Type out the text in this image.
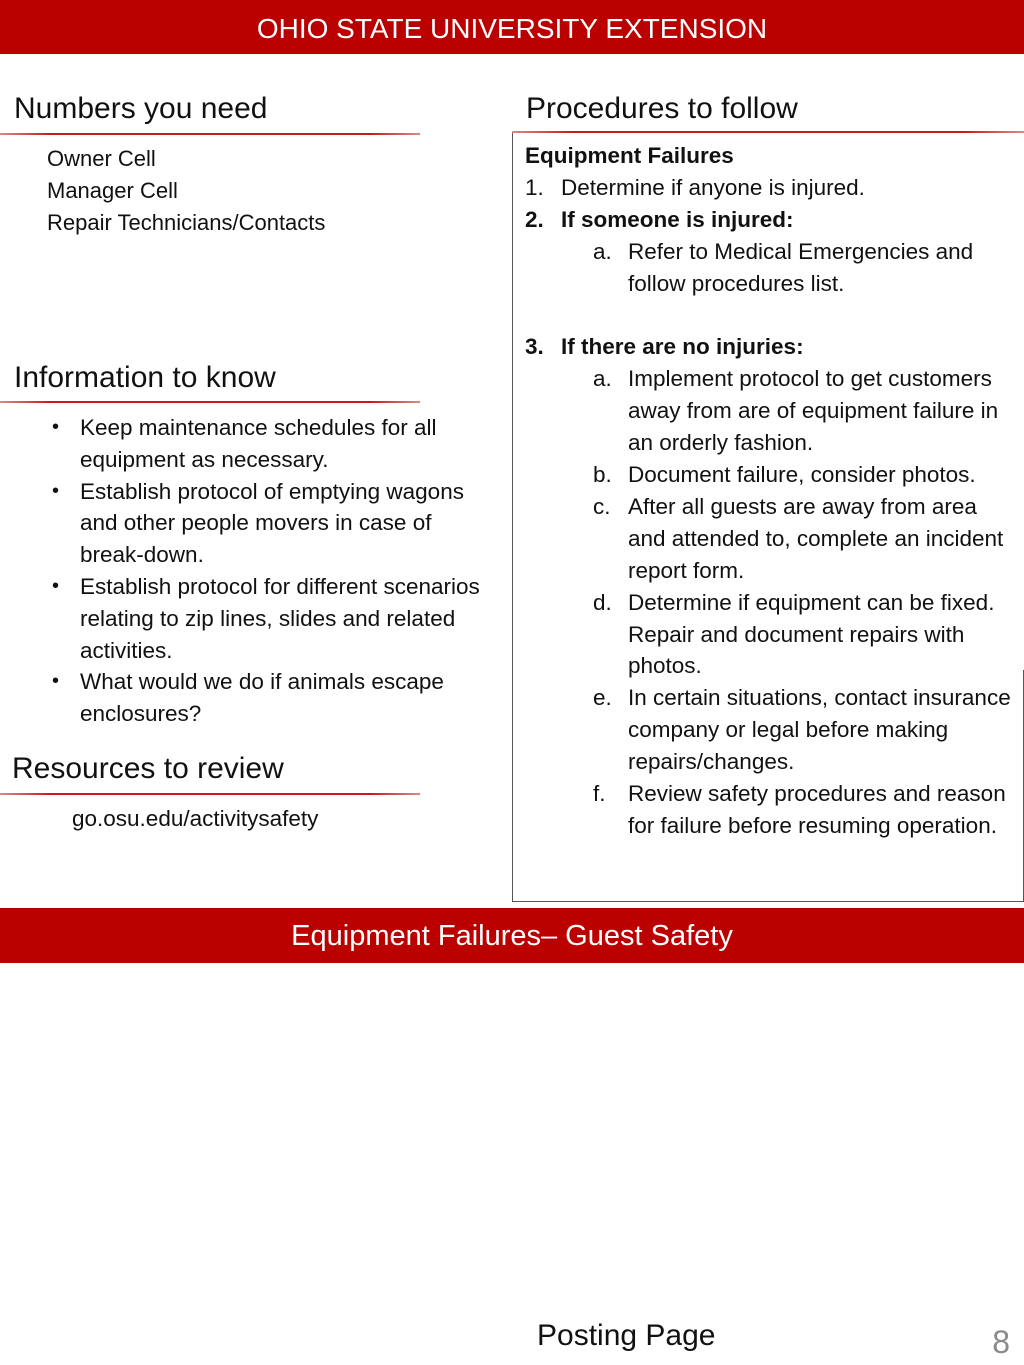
OHIO STATE UNIVERSITY EXTENSION
Numbers you need
Owner Cell
Manager Cell
Repair Technicians/Contacts
Information to know
• Keep maintenance schedules for all equipment as necessary.
• Establish protocol of emptying wagons and other people movers in case of break-down.
• Establish protocol for different scenarios relating to zip lines, slides and related activities.
• What would we do if animals escape enclosures?
Resources to review
go.osu.edu/activitysafety
Procedures to follow
Equipment Failures
1. Determine if anyone is injured.
2. If someone is injured:
a. Refer to Medical Emergencies and follow procedures list.
3. If there are no injuries:
a. Implement protocol to get customers away from are of equipment failure in an orderly fashion.
b. Document failure, consider photos.
c. After all guests are away from area and attended to, complete an incident report form.
d. Determine if equipment can be fixed. Repair and document repairs with photos.
e. In certain situations, contact insurance company or legal before making repairs/changes.
f. Review safety procedures and reason for failure before resuming operation.
Equipment Failures– Guest Safety
Posting Page	8
